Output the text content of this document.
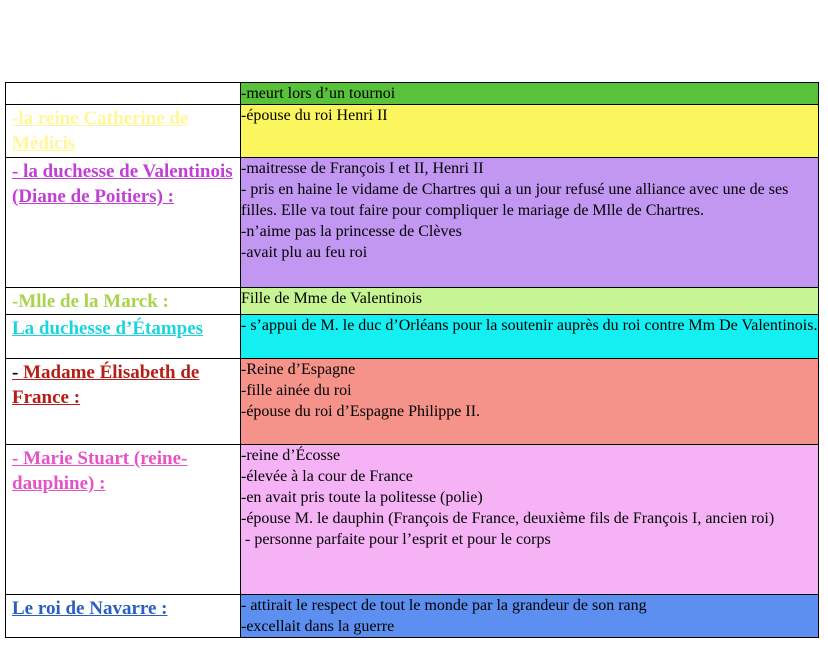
	-meurt lors d’un tournoi

-la reine Catherine de Médicis	-épouse du roi Henri II

- la duchesse de Valentinois (Diane de Poitiers) :	-maitresse de François I et II, Henri II
- pris en haine le vidame de Chartres qui a un jour refusé une alliance avec une de ses filles. Elle va tout faire pour compliquer le mariage de Mlle de Chartres.
-n’aime pas la princesse de Clèves
-avait plu au feu roi

-Mlle de la Marck :	Fille de Mme de Valentinois

La duchesse d’Étampes	- s’appui de M. le duc d’Orléans pour la soutenir auprès du roi contre Mm De Valentinois.

- Madame Élisabeth de France :	-Reine d’Espagne
-fille ainée du roi
-épouse du roi d’Espagne Philippe II.

- Marie Stuart (reine-dauphine) :	-reine d’Écosse
-élevée à la cour de France
-en avait pris toute la politesse (polie)
-épouse M. le dauphin (François de France, deuxième fils de François I, ancien roi)
- personne parfaite pour l’esprit et pour le corps

Le roi de Navarre :	- attirait le respect de tout le monde par la grandeur de son rang
-excellait dans la guerre
